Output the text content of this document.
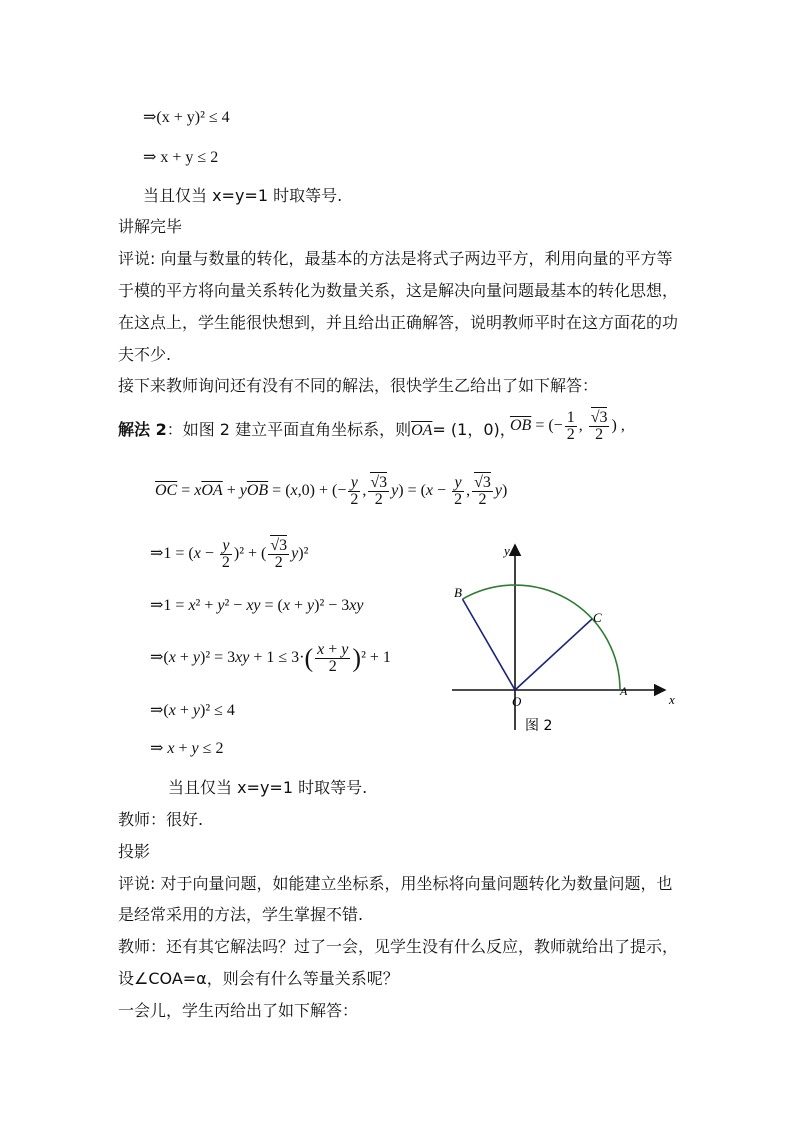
⇒(x + y)² ≤ 4
⇒ x + y ≤ 2
当且仅当 x=y=1 时取等号.
讲解完毕
评说: 向量与数量的转化，最基本的方法是将式子两边平方，利用向量的平方等
于模的平方将向量关系转化为数量关系，这是解决向量问题最基本的转化思想，
在这点上，学生能很快想到，并且给出正确解答，说明教师平时在这方面花的功
夫不少.
接下来教师询问还有没有不同的解法，很快学生乙给出了如下解答：
解法 2：如图 2 建立平面直角坐标系，则$\overline{OA}= (1$，0)，
$\overline{OB}$ = (− $\frac{1}{2}$ , $\frac{√3}{2}$ ) ,
$\overline{OC} = x\overline{OA} + y\overline{OB} = (x,0)$ + (− $\frac{y}{2}$ , $\frac{√3}{2} y) = (x - \frac{y}{2}$ , $\frac{√3}{2} y$)
⇒1 = $(x - \frac{y}{2} )^2$ + ( $\frac{√3}{2} y)^2$
⇒1 = x² + y² − xy = (x + y)² − 3xy
⇒(x + $y)^2 = 3xy + 1 \le 3\cdot( \frac{x + y}{2} )^2 + 1$
⇒(x + y)² ≤ 4
⇒ x + y ≤ 2
当且仅当 x=y=1 时取等号.
教师：很好.
投影
评说: 对于向量问题，如能建立坐标系，用坐标将向量问题转化为数量问题，也
是经常采用的方法，学生掌握不错.
教师：还有其它解法吗？过了一会，见学生没有什么反应，教师就给出了提示，
设∠COA=α，则会有什么等量关系呢？
一会儿，学生丙给出了如下解答：
y
x
O
A
B
C
图 2
